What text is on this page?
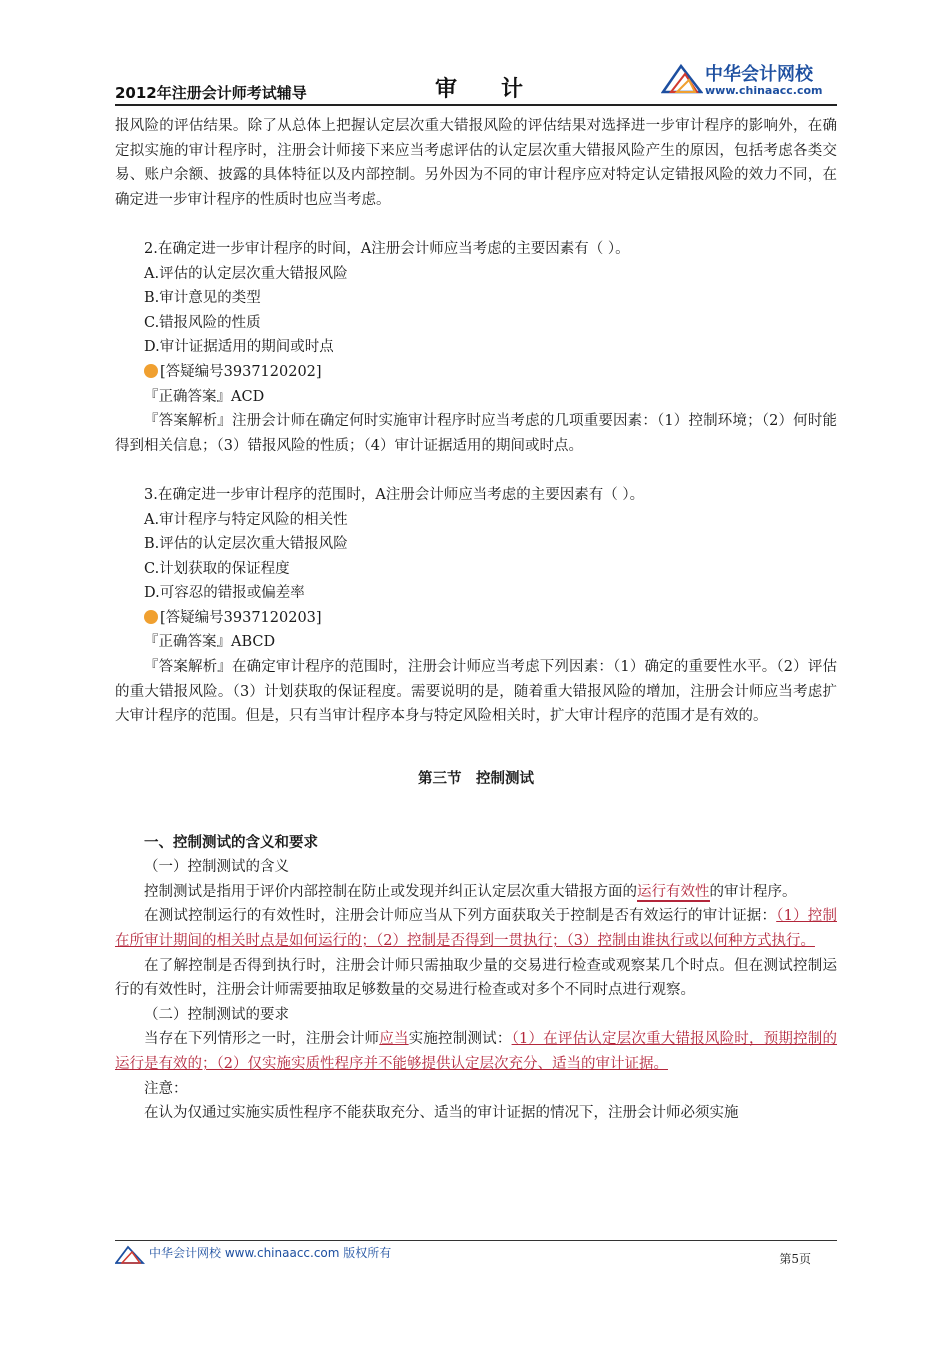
2012年注册会计师考试辅导	审计
中华会计网校
www.chinaacc.com

报风险的评估结果。除了从总体上把握认定层次重大错报风险的评估结果对选择进一步审计程序的影响外，在确定拟实施的审计程序时，注册会计师接下来应当考虑评估的认定层次重大错报风险产生的原因，包括考虑各类交易、账户余额、披露的具体特征以及内部控制。另外因为不同的审计程序应对特定认定错报风险的效力不同，在确定进一步审计程序的性质时也应当考虑。

2.在确定进一步审计程序的时间，A注册会计师应当考虑的主要因素有（ ）。

A.评估的认定层次重大错报风险

B.审计意见的类型

C.错报风险的性质

D.审计证据适用的期间或时点

[答疑编号3937120202]

『正确答案』ACD

『答案解析』注册会计师在确定何时实施审计程序时应当考虑的几项重要因素：（1）控制环境；（2）何时能得到相关信息；（3）错报风险的性质；（4）审计证据适用的期间或时点。

3.在确定进一步审计程序的范围时，A注册会计师应当考虑的主要因素有（ ）。

A.审计程序与特定风险的相关性

B.评估的认定层次重大错报风险

C.计划获取的保证程度

D.可容忍的错报或偏差率

[答疑编号3937120203]

『正确答案』ABCD

『答案解析』在确定审计程序的范围时，注册会计师应当考虑下列因素：（1）确定的重要性水平。（2）评估的重大错报风险。（3）计划获取的保证程度。需要说明的是，随着重大错报风险的增加，注册会计师应当考虑扩大审计程序的范围。但是，只有当审计程序本身与特定风险相关时，扩大审计程序的范围才是有效的。

第三节　控制测试

一、控制测试的含义和要求

（一）控制测试的含义

控制测试是指用于评价内部控制在防止或发现并纠正认定层次重大错报方面的运行有效性的审计程序。

在测试控制运行的有效性时，注册会计师应当从下列方面获取关于控制是否有效运行的审计证据：（1）控制在所审计期间的相关时点是如何运行的；（2）控制是否得到一贯执行；（3）控制由谁执行或以何种方式执行。

在了解控制是否得到执行时，注册会计师只需抽取少量的交易进行检查或观察某几个时点。但在测试控制运行的有效性时，注册会计师需要抽取足够数量的交易进行检查或对多个不同时点进行观察。

（二）控制测试的要求

当存在下列情形之一时，注册会计师应当实施控制测试：（1）在评估认定层次重大错报风险时，预期控制的运行是有效的；（2）仅实施实质性程序并不能够提供认定层次充分、适当的审计证据。

注意：

在认为仅通过实施实质性程序不能获取充分、适当的审计证据的情况下，注册会计师必须实施

中华会计网校 www.chinaacc.com 版权所有	第5页
